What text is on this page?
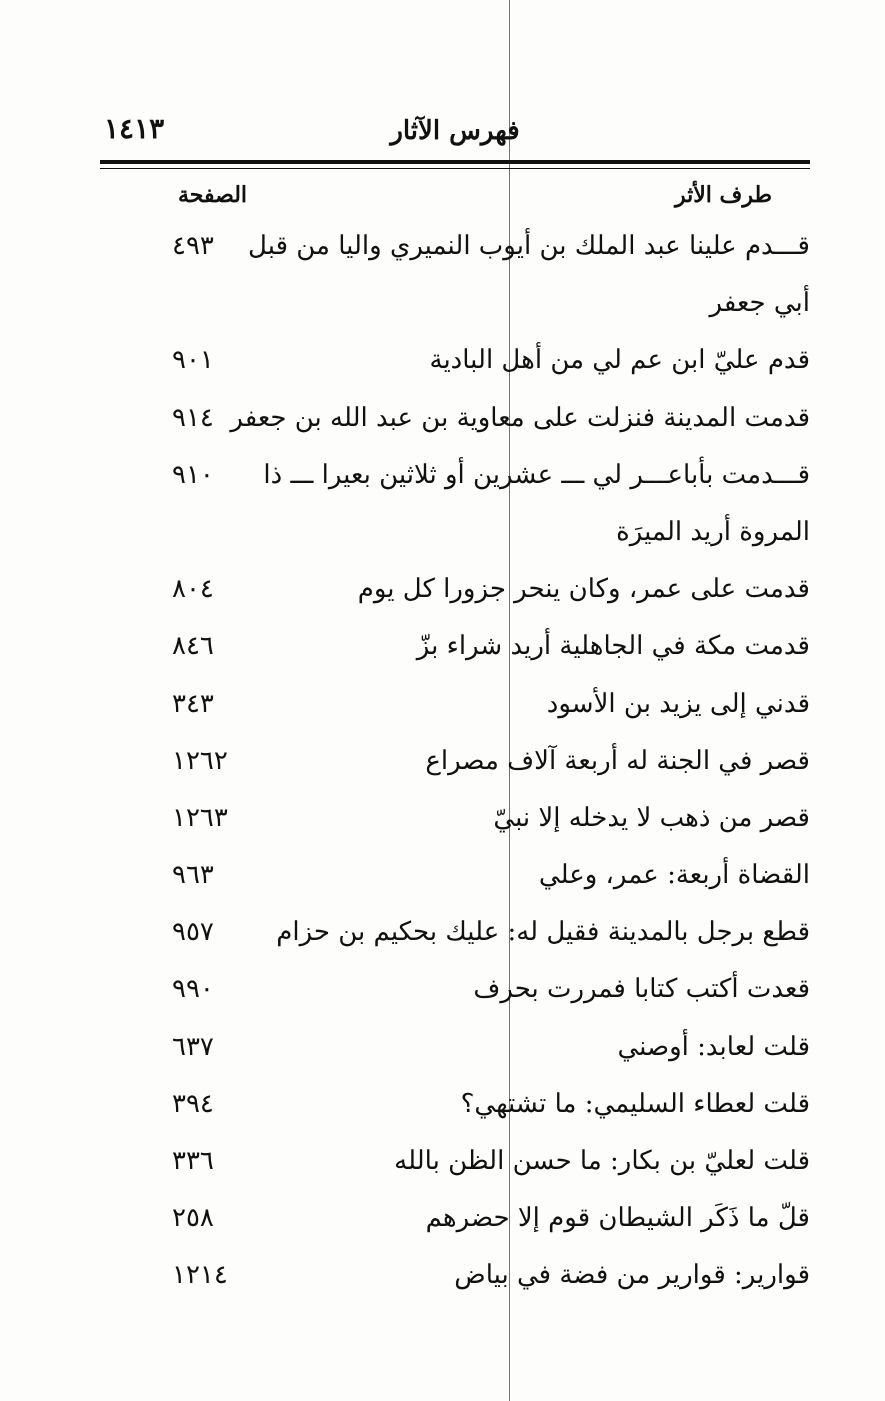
١٤١٣	فهرس الآثار
الصفحة	طرف الأثر
قـــدم علينا عبد الملك بن أيوب النميري واليا من قبل
٤٩٣
أبي جعفر
قدم عليّ ابن عم لي من أهل البادية
٩٠١
قدمت المدينة فنزلت على معاوية بن عبد الله بن جعفر
٩١٤
قـــدمت بأباعـــر لي ـــ عشرين أو ثلاثين بعيرا ـــ ذا
٩١٠
المروة أريد الميرَة
قدمت على عمر، وكان ينحر جزورا كل يوم
٨٠٤
قدمت مكة في الجاهلية أريد شراء بزّ
٨٤٦
قدني إلى يزيد بن الأسود
٣٤٣
قصر في الجنة له أربعة آلاف مصراع
١٢٦٢
قصر من ذهب لا يدخله إلا نبيّ
١٢٦٣
القضاة أربعة: عمر، وعلي
٩٦٣
قطع برجل بالمدينة فقيل له: عليك بحكيم بن حزام
٩٥٧
قعدت أكتب كتابا فمررت بحرف
٩٩٠
قلت لعابد: أوصني
٦٣٧
قلت لعطاء السليمي: ما تشتهي؟
٣٩٤
قلت لعليّ بن بكار: ما حسن الظن بالله
٣٣٦
قلّ ما ذَكَر الشيطان قوم إلا حضرهم
٢٥٨
قوارير: قوارير من فضة في بياض
١٢١٤
